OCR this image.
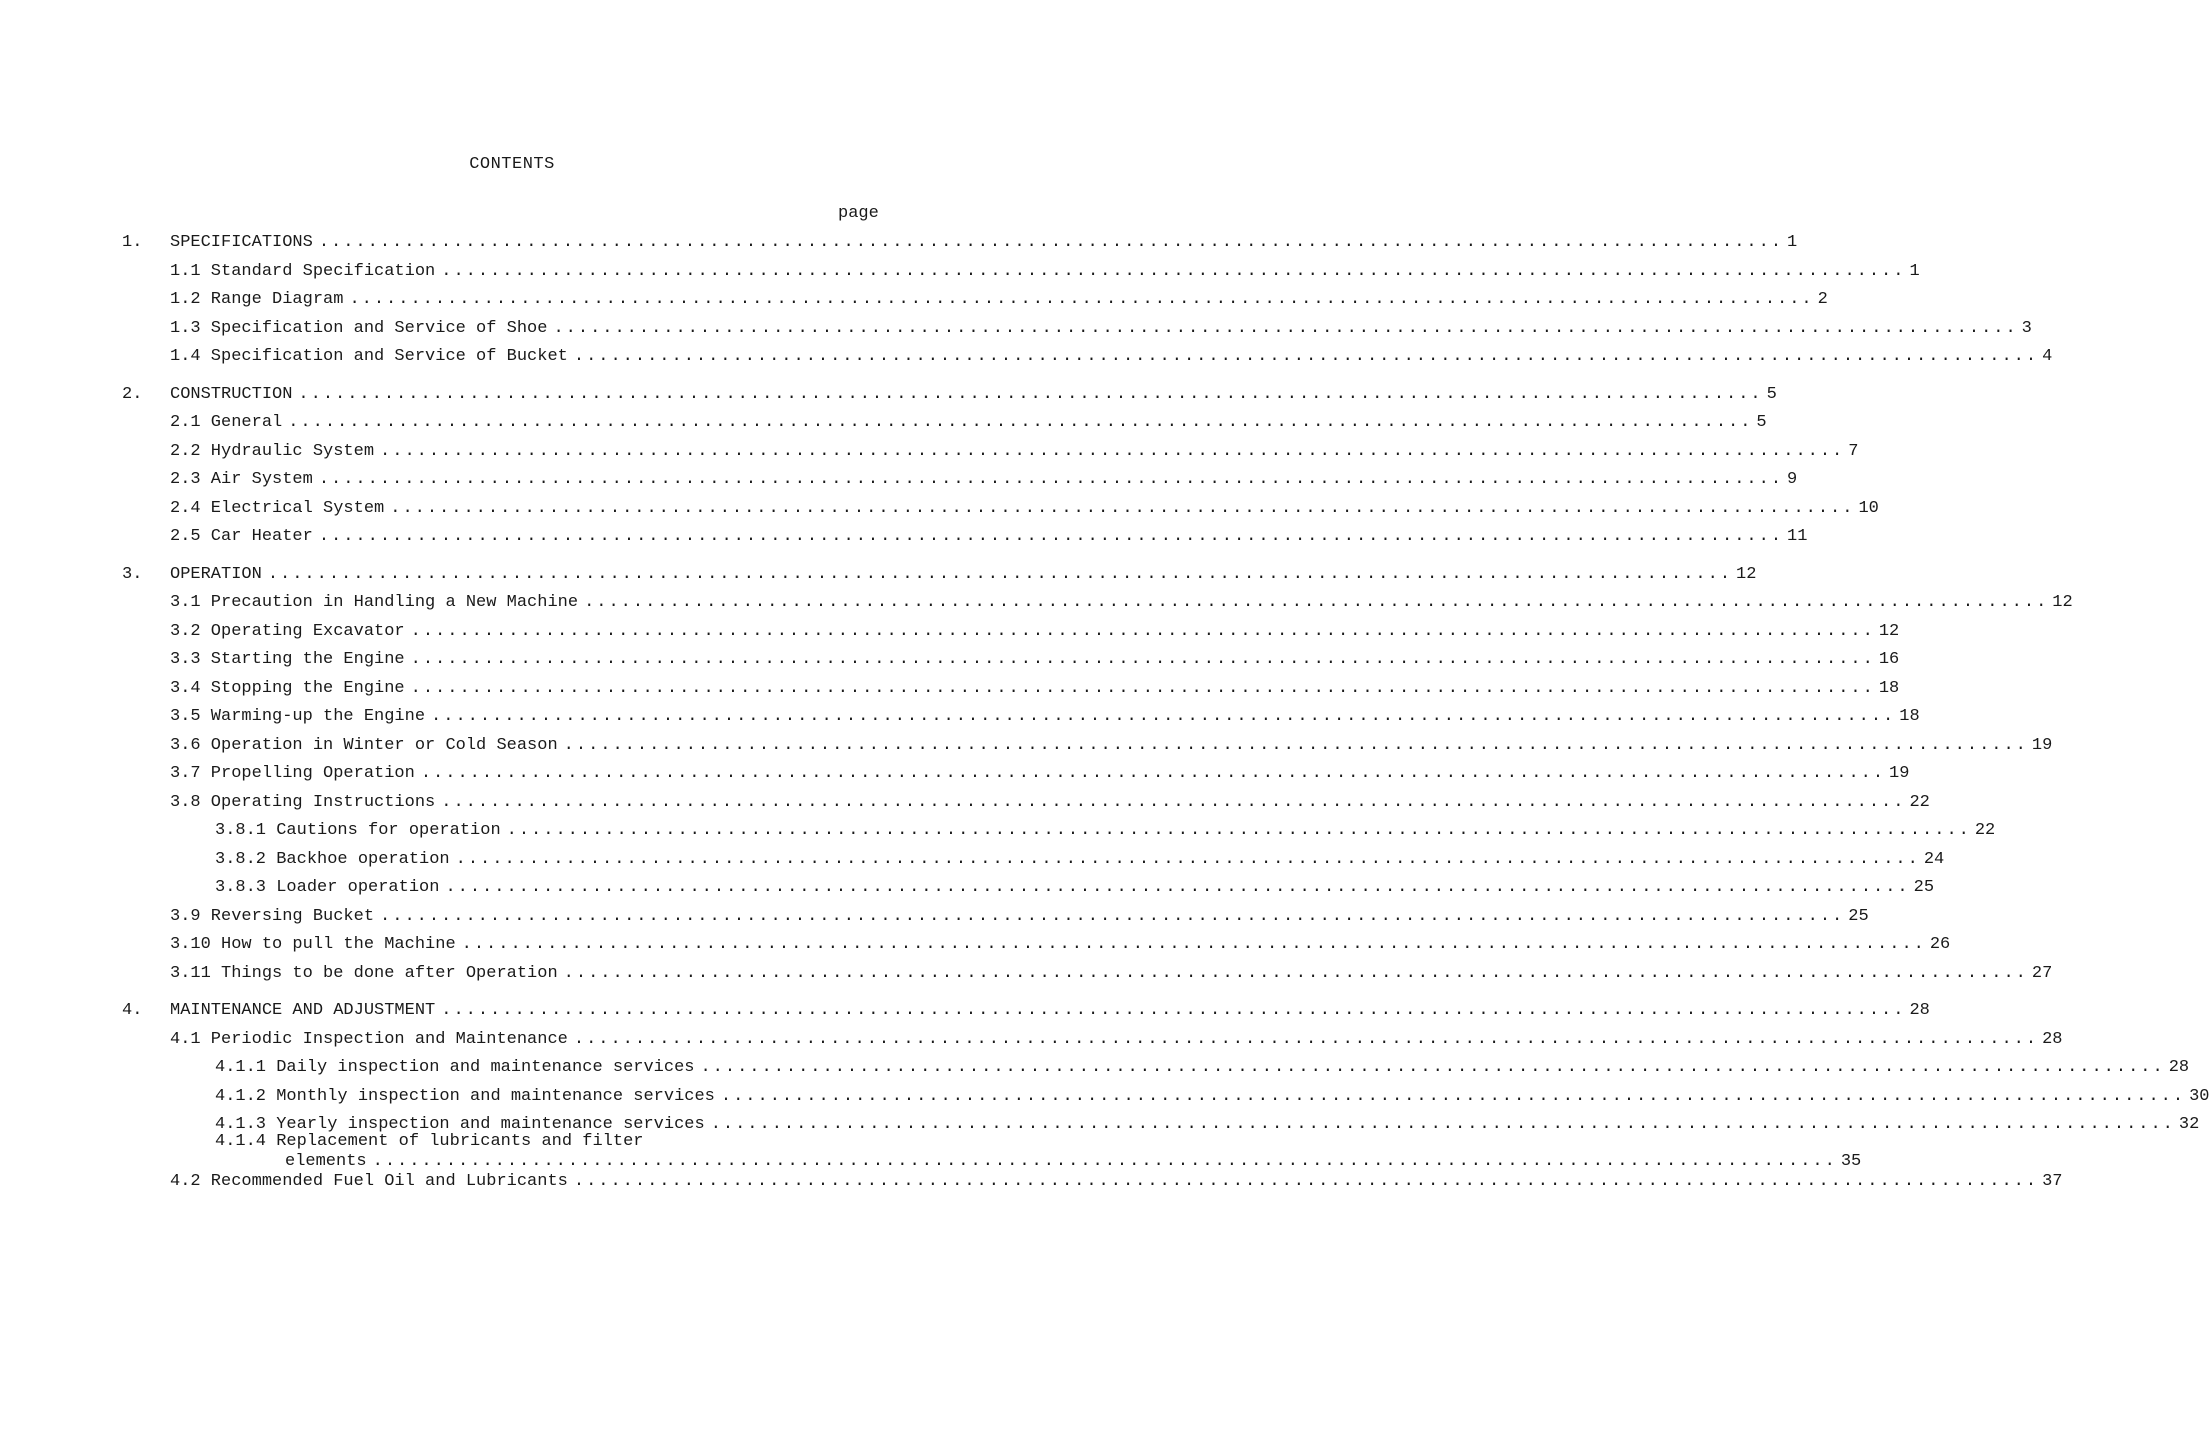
CONTENTS
page
1. SPECIFICATIONS ........................................................................................................................ 1
1.1 Standard Specification ........................................................................................................................ 1
1.2 Range Diagram ........................................................................................................................ 2
1.3 Specification and Service of Shoe ........................................................................................................................ 3
1.4 Specification and Service of Bucket ........................................................................................................................ 4
2. CONSTRUCTION ........................................................................................................................ 5
2.1 General ........................................................................................................................ 5
2.2 Hydraulic System ........................................................................................................................ 7
2.3 Air System ........................................................................................................................ 9
2.4 Electrical System ........................................................................................................................ 10
2.5 Car Heater ........................................................................................................................ 11
3. OPERATION ........................................................................................................................ 12
3.1 Precaution in Handling a New Machine ........................................................................................................................ 12
3.2 Operating Excavator ........................................................................................................................ 12
3.3 Starting the Engine ........................................................................................................................ 16
3.4 Stopping the Engine ........................................................................................................................ 18
3.5 Warming-up the Engine ........................................................................................................................ 18
3.6 Operation in Winter or Cold Season ........................................................................................................................ 19
3.7 Propelling Operation ........................................................................................................................ 19
3.8 Operating Instructions ........................................................................................................................ 22
3.8.1 Cautions for operation ........................................................................................................................ 22
3.8.2 Backhoe operation ........................................................................................................................ 24
3.8.3 Loader operation ........................................................................................................................ 25
3.9 Reversing Bucket ........................................................................................................................ 25
3.10 How to pull the Machine ........................................................................................................................ 26
3.11 Things to be done after Operation ........................................................................................................................ 27
4. MAINTENANCE AND ADJUSTMENT ........................................................................................................................ 28
4.1 Periodic Inspection and Maintenance ........................................................................................................................ 28
4.1.1 Daily inspection and maintenance services ........................................................................................................................ 28
4.1.2 Monthly inspection and maintenance services ........................................................................................................................ 30
4.1.3 Yearly inspection and maintenance services ........................................................................................................................ 32
4.1.4 Replacement of lubricants and filter
elements ........................................................................................................................ 35
4.2 Recommended Fuel Oil and Lubricants ........................................................................................................................ 37
